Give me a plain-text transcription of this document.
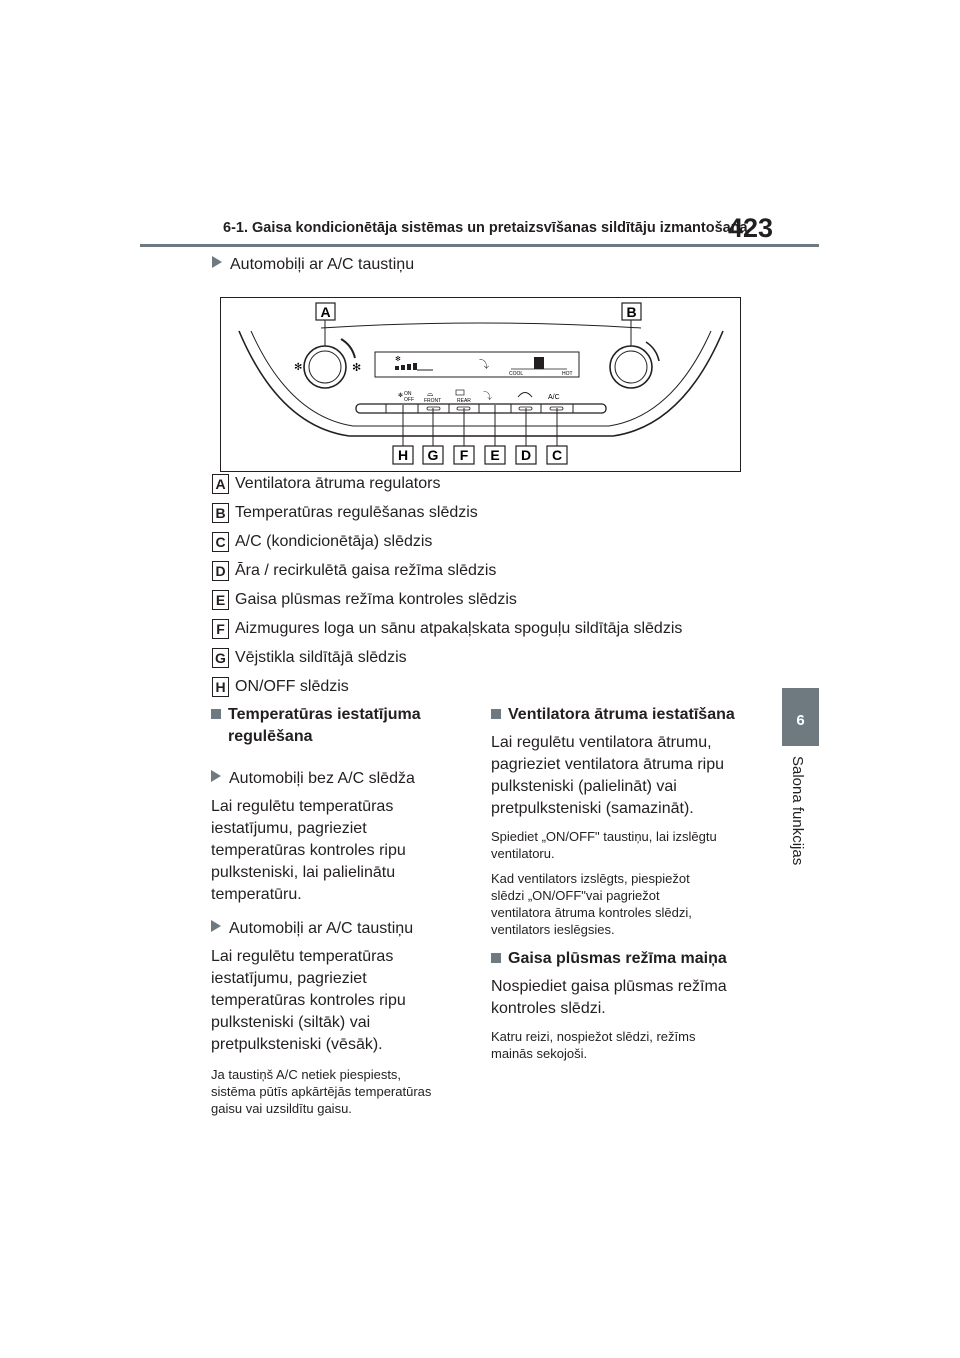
6-1. Gaisa kondicionētāja sistēmas un pretaizsvīšanas sildītāju izmantošana
423
6
Salona funkcijas
Automobiļi ar A/C taustiņu
✻	✻
✻
⤵
COOL	HOT
✻ ON
OFF
⌓
FRONT	REAR ⤵	A/C
A	B
H G F E D C
A Ventilatora ātruma regulators
B Temperatūras regulēšanas slēdzis
C A/C (kondicionētāja) slēdzis
D Āra / recirkulētā gaisa režīma slēdzis
E Gaisa plūsmas režīma kontroles slēdzis
F Aizmugures loga un sānu atpakaļskata spoguļu sildītāja slēdzis
G Vējstikla sildītājā slēdzis
H ON/OFF slēdzis
Temperatūras iestatījuma
regulēšana
Automobiļi bez A/C slēdža
Lai regulētu temperatūras
iestatījumu, pagrieziet
temperatūras kontroles ripu
pulksteniski, lai palielinātu
temperatūru.
Automobiļi ar A/C taustiņu
Lai regulētu temperatūras
iestatījumu, pagrieziet
temperatūras kontroles ripu
pulksteniski (siltāk) vai
pretpulksteniski (vēsāk).
Ja taustiņš A/C netiek piespiests,
sistēma pūtīs apkārtējās temperatūras
gaisu vai uzsildītu gaisu.
Ventilatora ātruma iestatīšana
Lai regulētu ventilatora ātrumu,
pagrieziet ventilatora ātruma ripu
pulksteniski (palielināt) vai
pretpulksteniski (samazināt).
Spiediet „ON/OFF" taustiņu, lai izslēgtu
ventilatoru.
Kad ventilators izslēgts, piespiežot
slēdzi „ON/OFF"vai pagriežot
ventilatora ātruma kontroles slēdzi,
ventilators ieslēgsies.
Gaisa plūsmas režīma maiņa
Nospiediet gaisa plūsmas režīma
kontroles slēdzi.
Katru reizi, nospiežot slēdzi, režīms
mainās sekojoši.
